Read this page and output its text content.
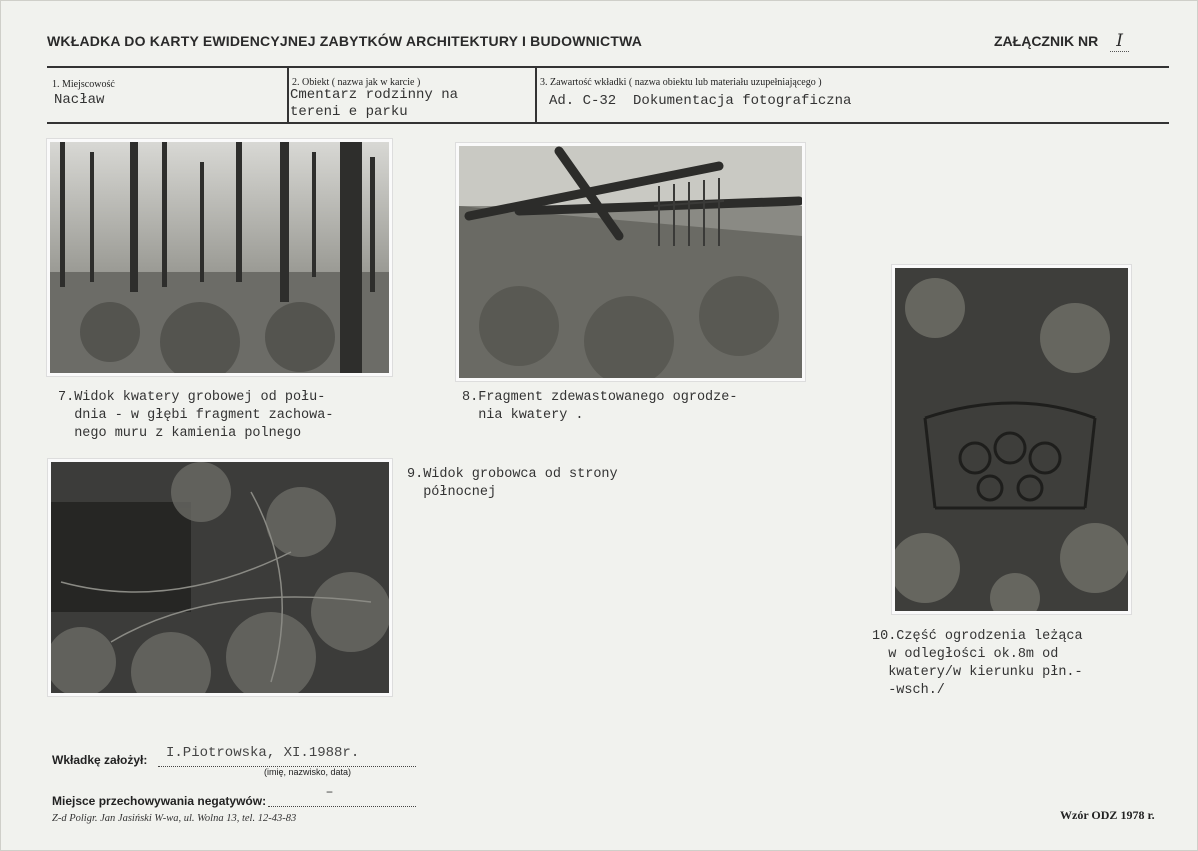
WKŁADKA DO KARTY EWIDENCYJNEJ ZABYTKÓW ARCHITEKTURY I BUDOWNICTWA	ZAŁĄCZNIK NR I
1. Miejscowość
Nacław
2. Obiekt ( nazwa jak w karcie )
Cmentarz rodzinny na
tereni e parku
3. Zawartość wkładki ( nazwa obiektu lub materiału uzupełniającego )
Ad. C-32  Dokumentacja fotograficzna
7.Widok kwatery grobowej od połu-
dnia - w głębi fragment zachowa-
nego muru z kamienia polnego
8.Fragment zdewastowanego ogrodze-
nia kwatery .
9.Widok grobowca od strony
północnej
10.Część ogrodzenia leżąca
w odległości ok.8m od
kwatery/w kierunku płn.-
-wsch./
Wkładkę założył: I.Piotrowska, XI.1988r.
(imię, nazwisko, data)
Miejsce przechowywania negatywów:
–
Z-d Poligr. Jan Jasiński W-wa, ul. Wolna 13, tel. 12-43-83	Wzór ODZ 1978 r.
